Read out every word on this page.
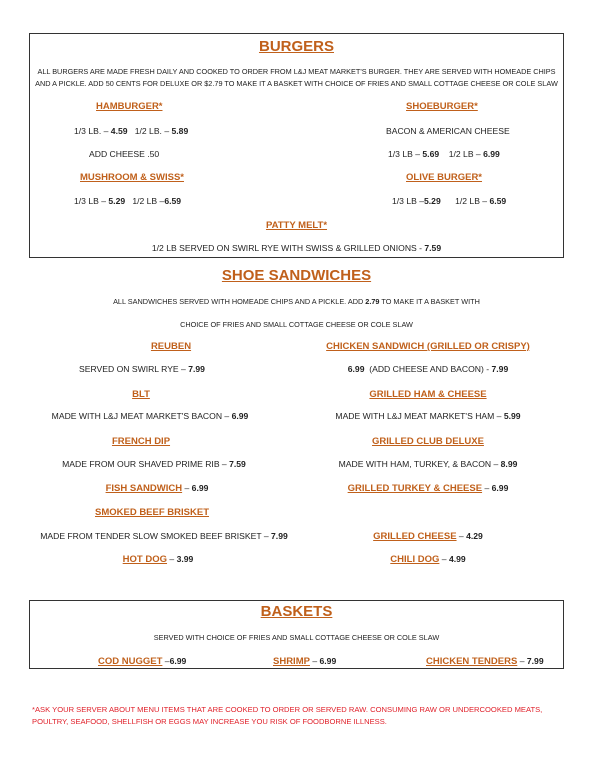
BURGERS
ALL BURGERS ARE MADE FRESH DAILY AND COOKED TO ORDER FROM L&J MEAT MARKET'S BURGER. THEY ARE SERVED WITH HOMEADE CHIPS
AND A PICKLE. ADD 50 CENTS FOR DELUXE OR $2.79 TO MAKE IT A BASKET WITH CHOICE OF FRIES AND SMALL COTTAGE CHEESE OR COLE SLAW
HAMBURGER*
1/3 LB. – 4.59 1/2 LB. – 5.89
ADD CHEESE .50
SHOEBURGER*
BACON & AMERICAN CHEESE
1/3 LB – 5.69 1/2 LB – 6.99
MUSHROOM & SWISS*
1/3 LB – 5.29 1/2 LB –6.59
OLIVE BURGER*
1/3 LB –5.29 1/2 LB – 6.59
PATTY MELT*
1/2 LB SERVED ON SWIRL RYE WITH SWISS & GRILLED ONIONS - 7.59
SHOE SANDWICHES
ALL SANDWICHES SERVED WITH HOMEADE CHIPS AND A PICKLE. ADD 2.79 TO MAKE IT A BASKET WITH
CHOICE OF FRIES AND SMALL COTTAGE CHEESE OR COLE SLAW
REUBEN
SERVED ON SWIRL RYE – 7.99
BLT
MADE WITH L&J MEAT MARKET'S BACON – 6.99
FRENCH DIP
MADE FROM OUR SHAVED PRIME RIB – 7.59
FISH SANDWICH – 6.99
SMOKED BEEF BRISKET
MADE FROM TENDER SLOW SMOKED BEEF BRISKET – 7.99
HOT DOG – 3.99
CHICKEN SANDWICH (GRILLED OR CRISPY)
6.99  (ADD CHEESE AND BACON) - 7.99
GRILLED HAM & CHEESE
MADE WITH L&J MEAT MARKET'S HAM – 5.99
GRILLED CLUB DELUXE
MADE WITH HAM, TURKEY, & BACON – 8.99
GRILLED TURKEY & CHEESE – 6.99
GRILLED CHEESE – 4.29
CHILI DOG – 4.99
BASKETS
SERVED WITH CHOICE OF FRIES AND SMALL COTTAGE CHEESE OR COLE SLAW
COD NUGGET –6.99	SHRIMP – 6.99	CHICKEN TENDERS – 7.99
*ASK YOUR SERVER ABOUT MENU ITEMS THAT ARE COOKED TO ORDER OR SERVED RAW. CONSUMING RAW OR UNDERCOOKED MEATS, POULTRY, SEAFOOD, SHELLFISH OR EGGS MAY INCREASE YOU RISK OF FOODBORNE ILLNESS.
